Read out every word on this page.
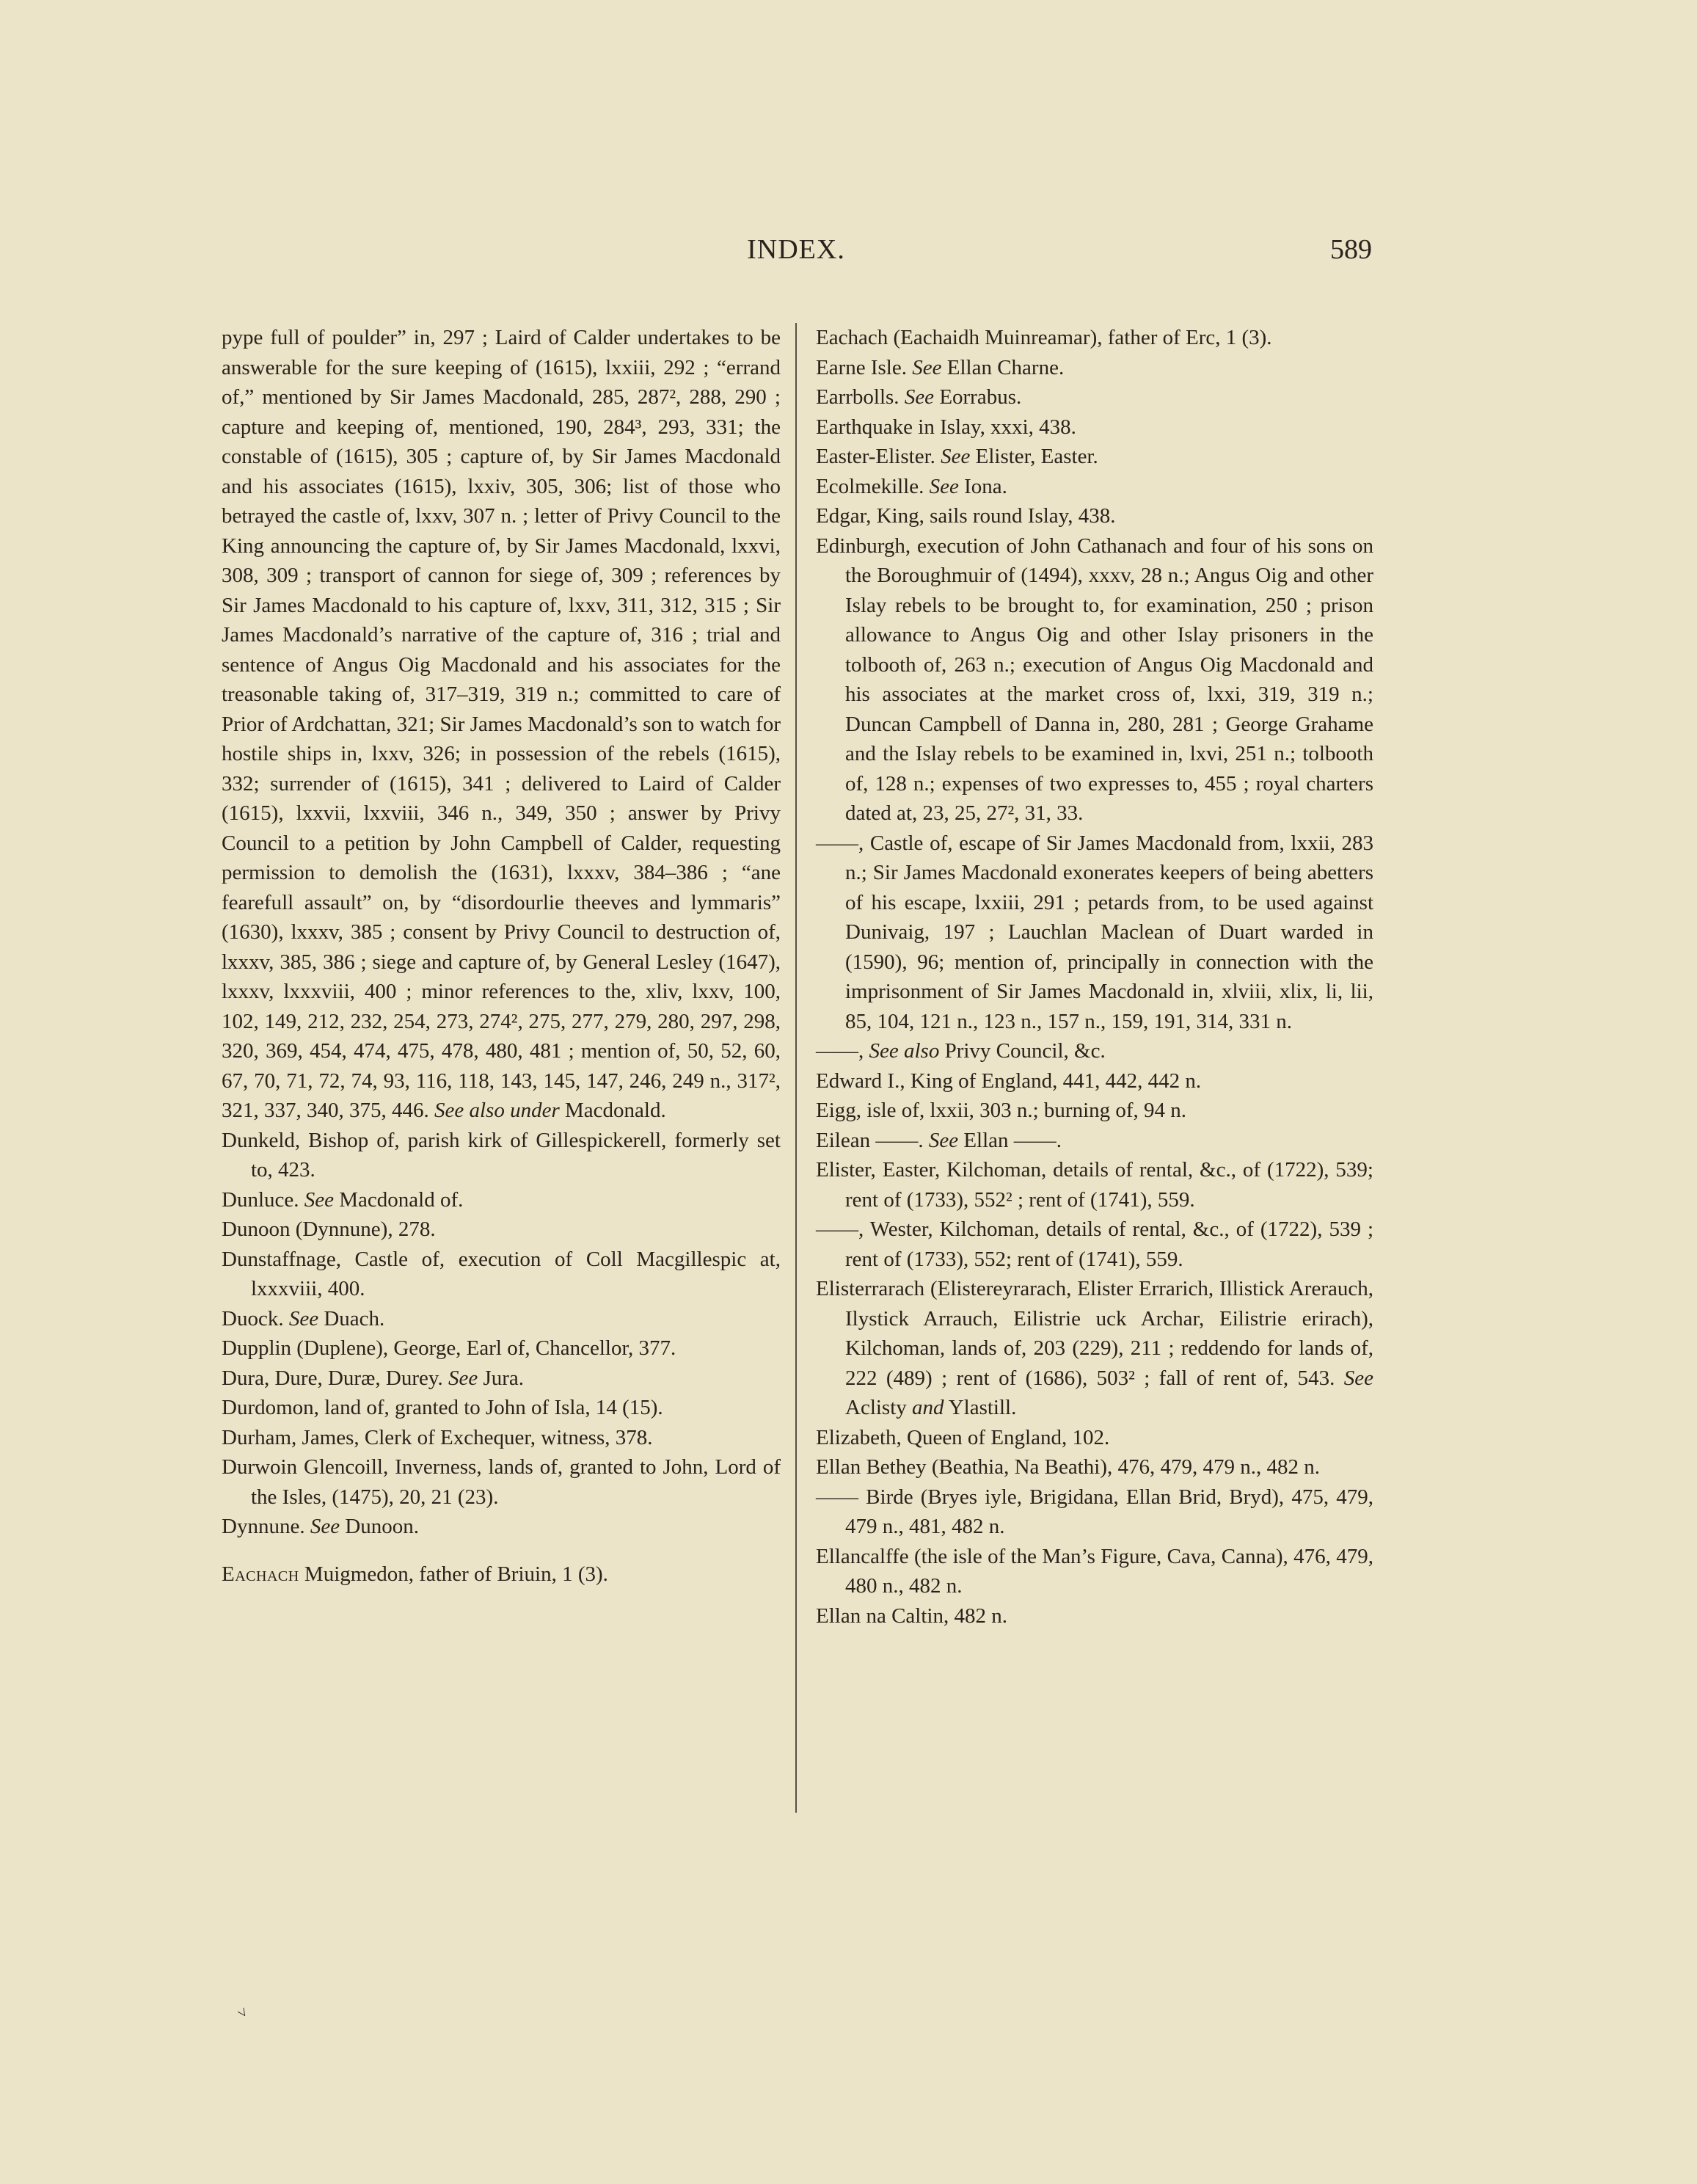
INDEX.	589

pype full of poulder” in, 297 ; Laird of Calder undertakes to be answerable for the sure keeping of (1615), lxxiii, 292 ; “errand of,” mentioned by Sir James Macdonald, 285, 287², 288, 290 ; capture and keeping of, mentioned, 190, 284³, 293, 331; the constable of (1615), 305 ; capture of, by Sir James Macdonald and his associates (1615), lxxiv, 305, 306; list of those who betrayed the castle of, lxxv, 307 n. ; letter of Privy Council to the King announcing the capture of, by Sir James Macdonald, lxxvi, 308, 309 ; transport of cannon for siege of, 309 ; references by Sir James Macdonald to his capture of, lxxv, 311, 312, 315 ; Sir James Macdonald’s narrative of the capture of, 316 ; trial and sentence of Angus Oig Macdonald and his associates for the treasonable taking of, 317–319, 319 n.; committed to care of Prior of Ardchattan, 321; Sir James Macdonald’s son to watch for hostile ships in, lxxv, 326; in possession of the rebels (1615), 332; surrender of (1615), 341 ; delivered to Laird of Calder (1615), lxxvii, lxxviii, 346 n., 349, 350 ; answer by Privy Council to a petition by John Campbell of Calder, requesting permission to demolish the (1631), lxxxv, 384–386 ; “ane fearefull assault” on, by “disordourlie theeves and lymmaris” (1630), lxxxv, 385 ; consent by Privy Council to destruction of, lxxxv, 385, 386 ; siege and capture of, by General Lesley (1647), lxxxv, lxxxviii, 400 ; minor references to the, xliv, lxxv, 100, 102, 149, 212, 232, 254, 273, 274², 275, 277, 279, 280, 297, 298, 320, 369, 454, 474, 475, 478, 480, 481 ; mention of, 50, 52, 60, 67, 70, 71, 72, 74, 93, 116, 118, 143, 145, 147, 246, 249 n., 317², 321, 337, 340, 375, 446. See also under Macdonald.

Dunkeld, Bishop of, parish kirk of Gillespickerell, formerly set to, 423.

Dunluce. See Macdonald of.

Dunoon (Dynnune), 278.

Dunstaffnage, Castle of, execution of Coll Macgillespic at, lxxxviii, 400.

Duock. See Duach.

Dupplin (Duplene), George, Earl of, Chancellor, 377.

Dura, Dure, Duræ, Durey. See Jura.

Durdomon, land of, granted to John of Isla, 14 (15).

Durham, James, Clerk of Exchequer, witness, 378.

Durwoin Glencoill, Inverness, lands of, granted to John, Lord of the Isles, (1475), 20, 21 (23).

Dynnune. See Dunoon.

Eachach Muigmedon, father of Briuin, 1 (3).

Eachach (Eachaidh Muinreamar), father of Erc, 1 (3).

Earne Isle. See Ellan Charne.

Earrbolls. See Eorrabus.

Earthquake in Islay, xxxi, 438.

Easter-Elister. See Elister, Easter.

Ecolmekille. See Iona.

Edgar, King, sails round Islay, 438.

Edinburgh, execution of John Cathanach and four of his sons on the Boroughmuir of (1494), xxxv, 28 n.; Angus Oig and other Islay rebels to be brought to, for examination, 250 ; prison allowance to Angus Oig and other Islay prisoners in the tolbooth of, 263 n.; execution of Angus Oig Macdonald and his associates at the market cross of, lxxi, 319, 319 n.; Duncan Campbell of Danna in, 280, 281 ; George Grahame and the Islay rebels to be examined in, lxvi, 251 n.; tolbooth of, 128 n.; expenses of two expresses to, 455 ; royal charters dated at, 23, 25, 27², 31, 33.

——, Castle of, escape of Sir James Macdonald from, lxxii, 283 n.; Sir James Macdonald exonerates keepers of being abetters of his escape, lxxiii, 291 ; petards from, to be used against Dunivaig, 197 ; Lauchlan Maclean of Duart warded in (1590), 96; mention of, principally in connection with the imprisonment of Sir James Macdonald in, xlviii, xlix, li, lii, 85, 104, 121 n., 123 n., 157 n., 159, 191, 314, 331 n.

——, See also Privy Council, &c.

Edward I., King of England, 441, 442, 442 n.

Eigg, isle of, lxxii, 303 n.; burning of, 94 n.

Eilean ——. See Ellan ——.

Elister, Easter, Kilchoman, details of rental, &c., of (1722), 539; rent of (1733), 552² ; rent of (1741), 559.

——, Wester, Kilchoman, details of rental, &c., of (1722), 539 ; rent of (1733), 552; rent of (1741), 559.

Elisterrarach (Elistereyrarach, Elister Errarich, Illistick Arerauch, Ilystick Arrauch, Eilistrie uck Archar, Eilistrie erirach), Kilchoman, lands of, 203 (229), 211 ; reddendo for lands of, 222 (489) ; rent of (1686), 503² ; fall of rent of, 543. See Aclisty and Ylastill.

Elizabeth, Queen of England, 102.

Ellan Bethey (Beathia, Na Beathi), 476, 479, 479 n., 482 n.

—— Birde (Bryes iyle, Brigidana, Ellan Brid, Bryd), 475, 479, 479 n., 481, 482 n.

Ellancalffe (the isle of the Man’s Figure, Cava, Canna), 476, 479, 480 n., 482 n.

Ellan na Caltin, 482 n.

˅
